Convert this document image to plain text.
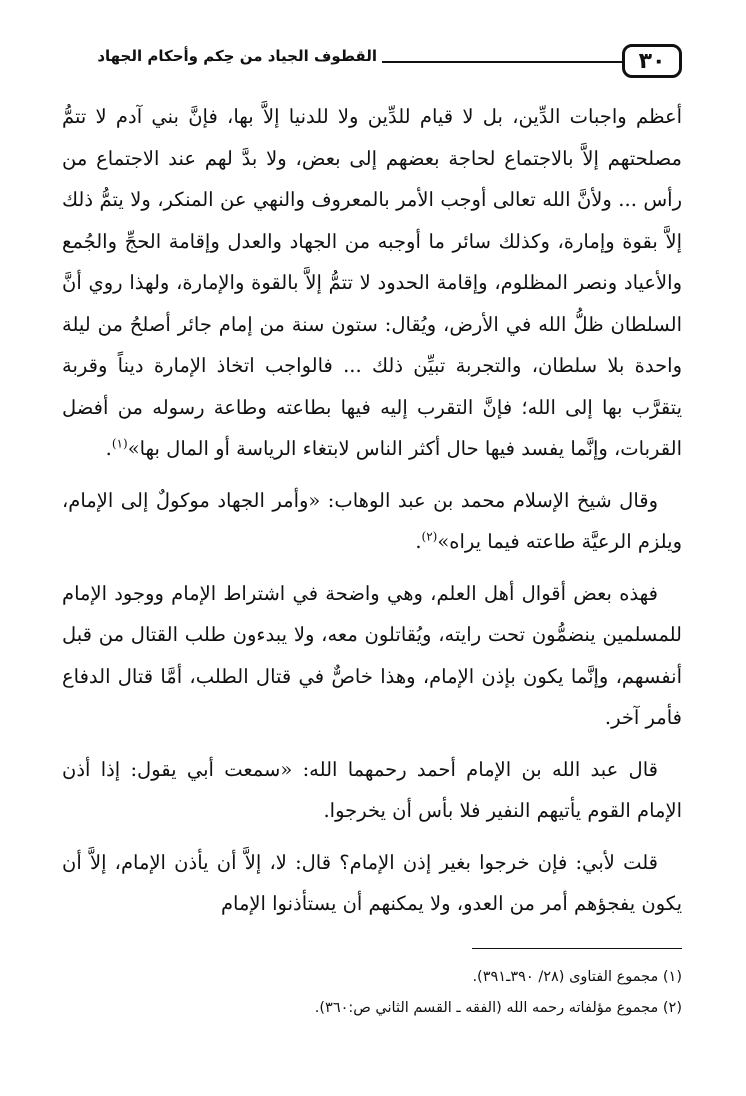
٣٠
القطوف الجياد من حِكم وأحكام الجهاد

أعظم واجبات الدِّين، بل لا قيام للدِّين ولا للدنيا إلاَّ بها، فإنَّ بني آدم لا تتمُّ مصلحتهم إلاَّ بالاجتماع لحاجة بعضهم إلى بعض، ولا بدَّ لهم عند الاجتماع من رأس ... ولأنَّ الله تعالى أوجب الأمر بالمعروف والنهي عن المنكر، ولا يتمُّ ذلك إلاَّ بقوة وإمارة، وكذلك سائر ما أوجبه من الجهاد والعدل وإقامة الحجِّ والجُمع والأعياد ونصر المظلوم، وإقامة الحدود لا تتمُّ إلاَّ بالقوة والإمارة، ولهذا روي أنَّ السلطان ظلُّ الله في الأرض، ويُقال: ستون سنة من إمام جائر أصلحُ من ليلة واحدة بلا سلطان، والتجربة تبيِّن ذلك ... فالواجب اتخاذ الإمارة ديناً وقربة يتقرَّب بها إلى الله؛ فإنَّ التقرب إليه فيها بطاعته وطاعة رسوله من أفضل القربات، وإنَّما يفسد فيها حال أكثر الناس لابتغاء الرياسة أو المال بها»$^{(١)}$.

وقال شيخ الإسلام محمد بن عبد الوهاب: «وأمر الجهاد موكولٌ إلى الإمام، ويلزم الرعيَّة طاعته فيما يراه»$^{(٢)}$.

فهذه بعض أقوال أهل العلم، وهي واضحة في اشتراط الإمام ووجود الإمام للمسلمين ينضمُّون تحت رايته، ويُقاتلون معه، ولا يبدءون طلب القتال من قبل أنفسهم، وإنَّما يكون بإذن الإمام، وهذا خاصٌّ في قتال الطلب، أمَّا قتال الدفاع فأمر آخر.

قال عبد الله بن الإمام أحمد رحمهما الله: «سمعت أبي يقول: إذا أذن الإمام القوم يأتيهم النفير فلا بأس أن يخرجوا.

قلت لأبي: فإن خرجوا بغير إذن الإمام؟ قال: لا، إلاَّ أن يأذن الإمام، إلاَّ أن يكون يفجؤهم أمر من العدو، ولا يمكنهم أن يستأذنوا الإمام

(١) مجموع الفتاوى (٢٨/ ٣٩٠ـ٣٩١).
(٢) مجموع مؤلفاته رحمه الله (الفقه ـ القسم الثاني ص:٣٦٠).
